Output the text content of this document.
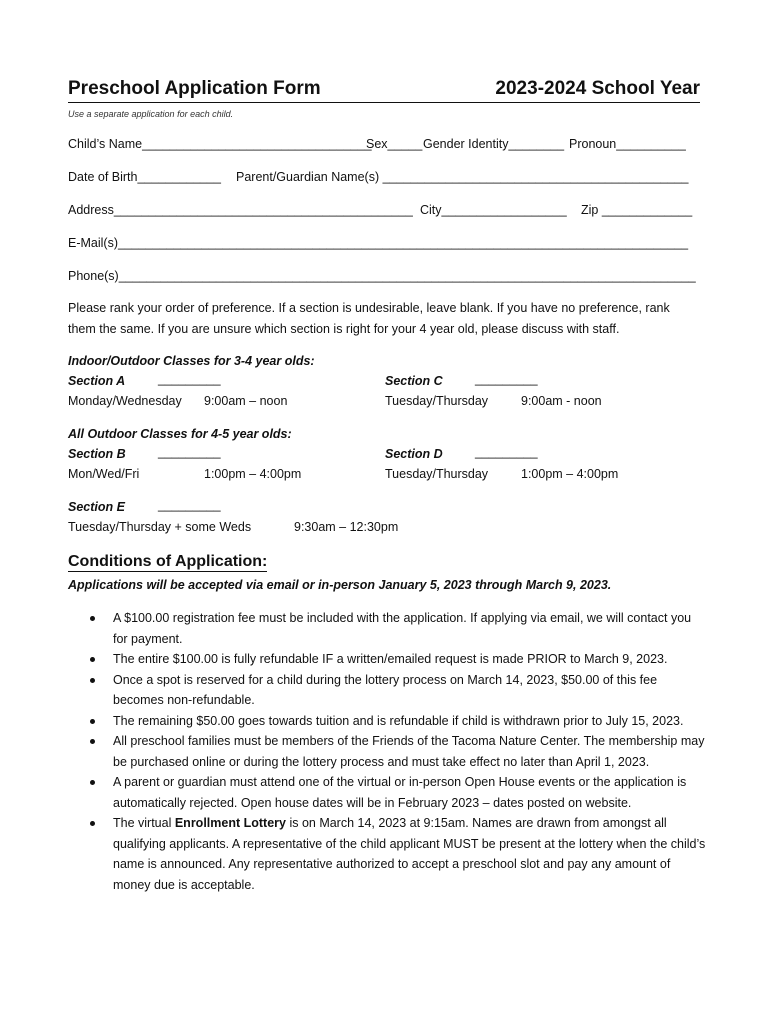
Preschool Application Form	2023-2024 School Year
Use a separate application for each child.
Child’s Name_________________________________
Sex_____ Gender Identity________ Pronoun__________
Date of Birth____________ Parent/Guardian Name(s) ____________________________________________
Address___________________________________________ City__________________ Zip _____________
E-Mail(s)__________________________________________________________________________________
Phone(s)___________________________________________________________________________________
Please rank your order of preference. If a section is undesirable, leave blank. If you have no preference, rank them the same. If you are unsure which section is right for your 4 year old, please discuss with staff.
Indoor/Outdoor Classes for 3-4 year olds:
Section A	_________
Monday/Wednesday 9:00am – noon
Section C	_________
Tuesday/Thursday	9:00am - noon
All Outdoor Classes for 4-5 year olds:
Section B	_________
Mon/Wed/Fri	1:00pm – 4:00pm
Section D	_________
Tuesday/Thursday	1:00pm – 4:00pm
Section E	_________
Tuesday/Thursday + some Weds	9:30am – 12:30pm
Conditions of Application:
Applications will be accepted via email or in-person January 5, 2023 through March 9, 2023.
A $100.00 registration fee must be included with the application. If applying via email, we will contact you for payment.
The entire $100.00 is fully refundable IF a written/emailed request is made PRIOR to March 9, 2023.
Once a spot is reserved for a child during the lottery process on March 14, 2023, $50.00 of this fee becomes non-refundable.
The remaining $50.00 goes towards tuition and is refundable if child is withdrawn prior to July 15, 2023.
All preschool families must be members of the Friends of the Tacoma Nature Center. The membership may be purchased online or during the lottery process and must take effect no later than April 1, 2023.
A parent or guardian must attend one of the virtual or in-person Open House events or the application is automatically rejected. Open house dates will be in February 2023 – dates posted on website.
The virtual Enrollment Lottery is on March 14, 2023 at 9:15am. Names are drawn from amongst all qualifying applicants. A representative of the child applicant MUST be present at the lottery when the child’s name is announced. Any representative authorized to accept a preschool slot and pay any amount of money due is acceptable.
